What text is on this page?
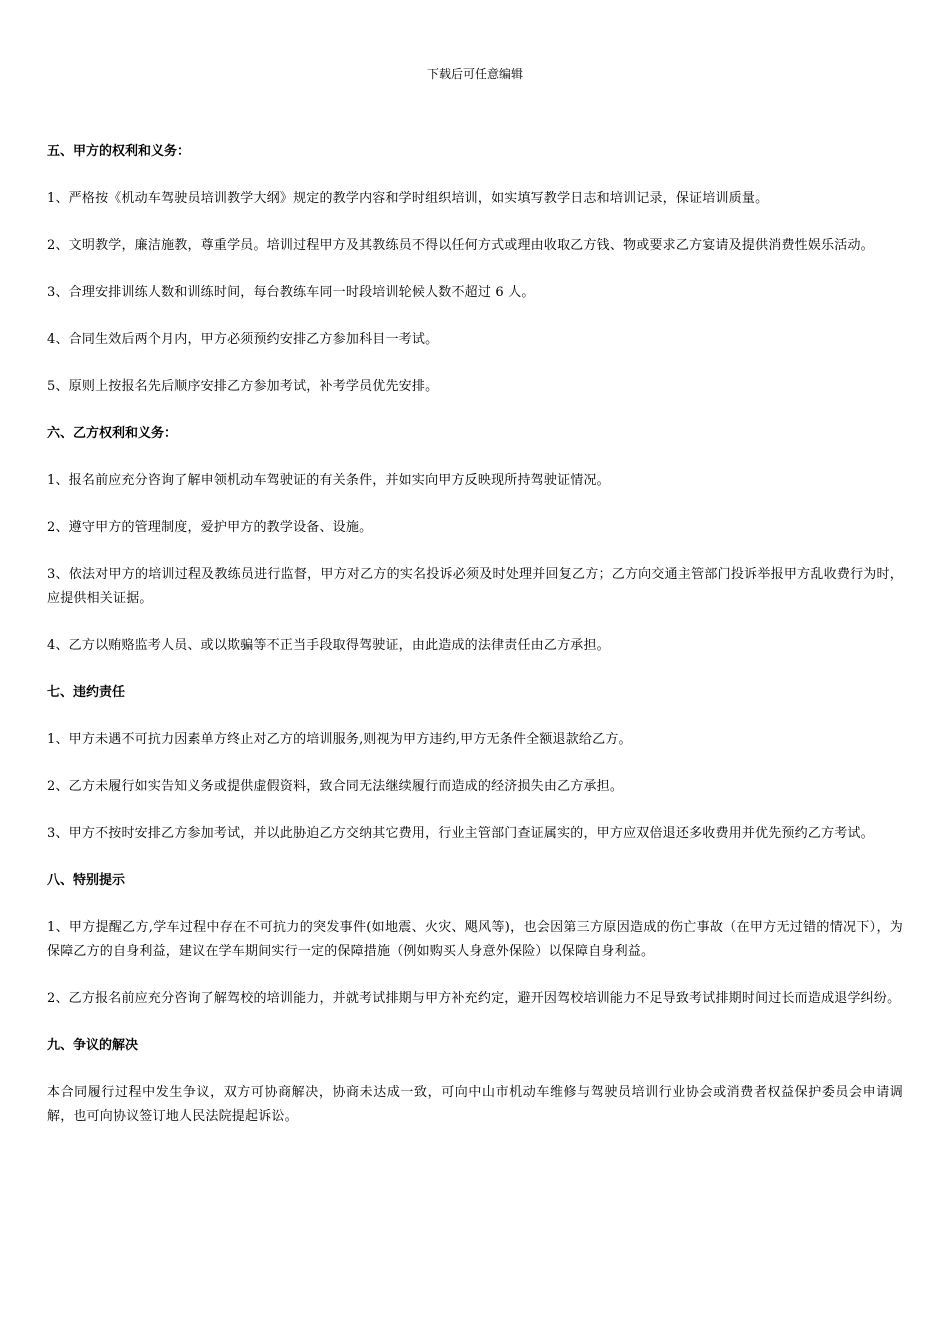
下载后可任意编辑
五、甲方的权利和义务：
1、严格按《机动车驾驶员培训教学大纲》规定的教学内容和学时组织培训，如实填写教学日志和培训记录，保证培训质量。
2、文明教学，廉洁施教，尊重学员。培训过程甲方及其教练员不得以任何方式或理由收取乙方钱、物或要求乙方宴请及提供消费性娱乐活动。
3、合理安排训练人数和训练时间，每台教练车同一时段培训轮候人数不超过 6 人。
4、合同生效后两个月内，甲方必须预约安排乙方参加科目一考试。
5、原则上按报名先后顺序安排乙方参加考试，补考学员优先安排。
六、乙方权利和义务：
1、报名前应充分咨询了解申领机动车驾驶证的有关条件，并如实向甲方反映现所持驾驶证情况。
2、遵守甲方的管理制度，爱护甲方的教学设备、设施。
3、依法对甲方的培训过程及教练员进行监督，甲方对乙方的实名投诉必须及时处理并回复乙方；乙方向交通主管部门投诉举报甲方乱收费行为时，应提供相关证据。
4、乙方以贿赂监考人员、或以欺骗等不正当手段取得驾驶证，由此造成的法律责任由乙方承担。
七、违约责任
1、甲方未遇不可抗力因素单方终止对乙方的培训服务,则视为甲方违约,甲方无条件全额退款给乙方。
2、乙方未履行如实告知义务或提供虚假资料，致合同无法继续履行而造成的经济损失由乙方承担。
3、甲方不按时安排乙方参加考试，并以此胁迫乙方交纳其它费用，行业主管部门查证属实的，甲方应双倍退还多收费用并优先预约乙方考试。
八、特别提示
1、甲方提醒乙方,学车过程中存在不可抗力的突发事件(如地震、火灾、飓风等)，也会因第三方原因造成的伤亡事故（在甲方无过错的情况下），为保障乙方的自身利益，建议在学车期间实行一定的保障措施（例如购买人身意外保险）以保障自身利益。
2、乙方报名前应充分咨询了解驾校的培训能力，并就考试排期与甲方补充约定，避开因驾校培训能力不足导致考试排期时间过长而造成退学纠纷。
九、争议的解决
本合同履行过程中发生争议，双方可协商解决，协商未达成一致，可向中山市机动车维修与驾驶员培训行业协会或消费者权益保护委员会申请调解，也可向协议签订地人民法院提起诉讼。
